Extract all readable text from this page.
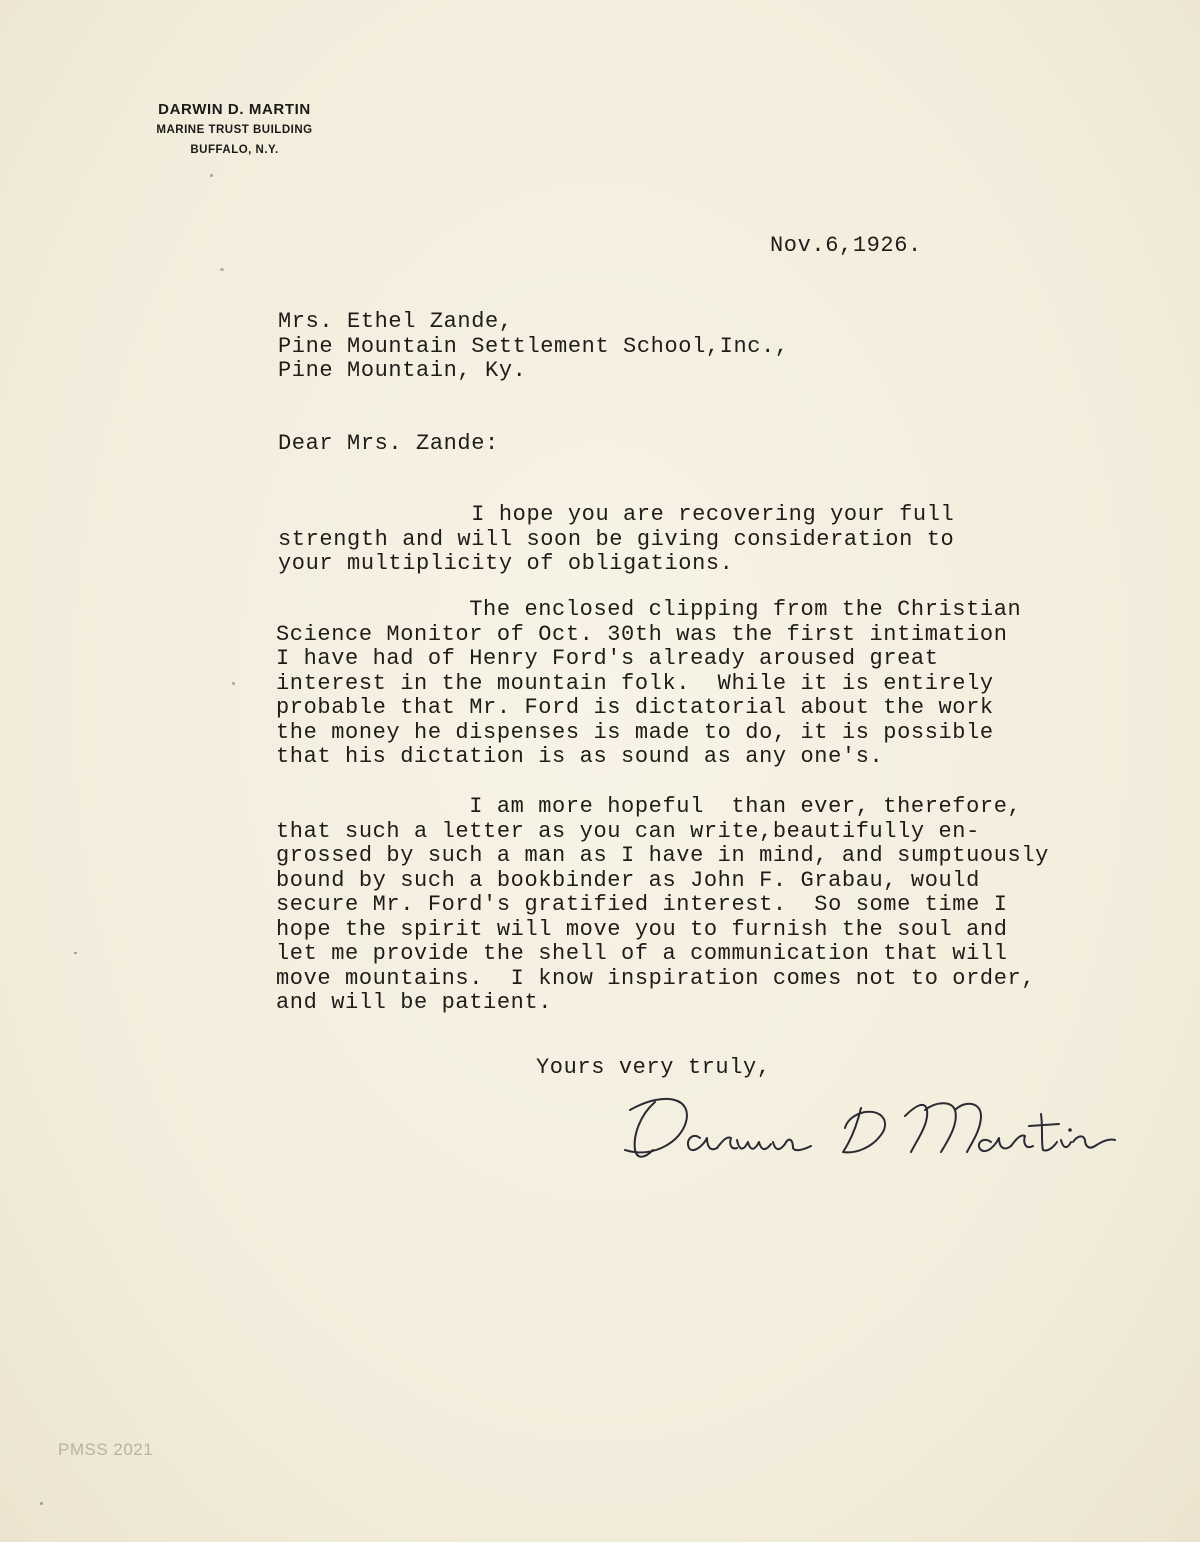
DARWIN D. MARTIN
MARINE TRUST BUILDING
BUFFALO, N.Y.
Nov.6,1926.
Mrs. Ethel Zande,
Pine Mountain Settlement School,Inc.,
Pine Mountain, Ky.
Dear Mrs. Zande:
I hope you are recovering your full
strength and will soon be giving consideration to
your multiplicity of obligations.
The enclosed clipping from the Christian
Science Monitor of Oct. 30th was the first intimation
I have had of Henry Ford's already aroused great
interest in the mountain folk.  While it is entirely
probable that Mr. Ford is dictatorial about the work
the money he dispenses is made to do, it is possible
that his dictation is as sound as any one's.
I am more hopeful  than ever, therefore,
that such a letter as you can write,beautifully en-
grossed by such a man as I have in mind, and sumptuously
bound by such a bookbinder as John F. Grabau, would
secure Mr. Ford's gratified interest.  So some time I
hope the spirit will move you to furnish the soul and
let me provide the shell of a communication that will
move mountains.  I know inspiration comes not to order,
and will be patient.
Yours very truly,
PMSS 2021
